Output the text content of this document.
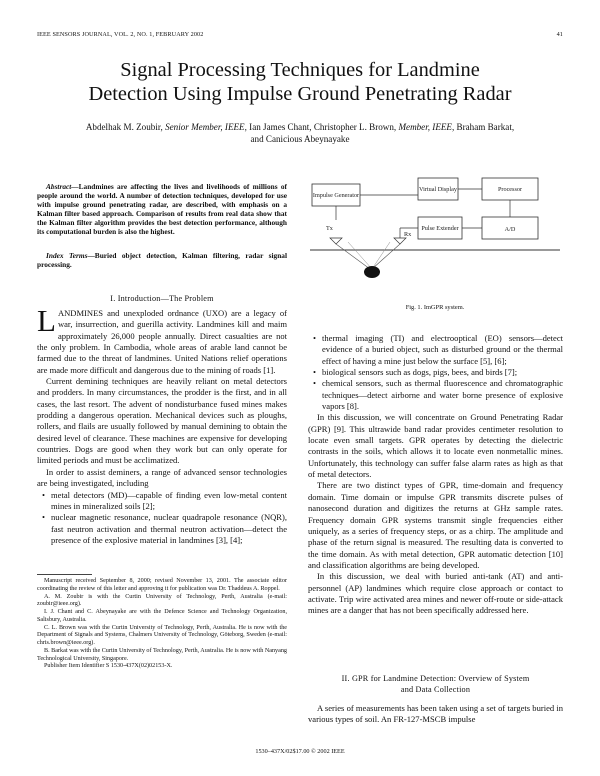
IEEE SENSORS JOURNAL, VOL. 2, NO. 1, FEBRUARY 2002	41
Signal Processing Techniques for Landmine
Detection Using Impulse Ground Penetrating Radar
Abdelhak M. Zoubir, Senior Member, IEEE, Ian James Chant, Christopher L. Brown, Member, IEEE, Braham Barkat,
and Canicious Abeynayake
Abstract—Landmines are affecting the lives and livelihoods of millions of people around the world. A number of detection techniques, developed for use with impulse ground penetrating radar, are described, with emphasis on a Kalman filter based approach. Comparison of results from real data show that the Kalman filter algorithm provides the best detection performance, although its computational burden is also the highest.
Index Terms—Buried object detection, Kalman filtering, radar signal processing.
I. Introduction—The Problem

LANDMINES and unexploded ordnance (UXO) are a legacy of war, insurrection, and guerilla activity. Landmines kill and maim approximately 26,000 people annually. Direct casualties are not the only problem. In Cambodia, whole areas of arable land cannot be farmed due to the threat of landmines. United Nations relief operations are made more difficult and dangerous due to the mining of roads [1].

Current demining techniques are heavily reliant on metal detectors and prodders. In many circumstances, the prodder is the first, and in all cases, the last resort. The advent of nondisturbance fused mines makes prodding a dangerous operation. Mechanical devices such as ploughs, rollers, and flails are usually followed by manual demining to obtain the desired level of clearance. These machines are expensive for developing countries. Dogs are good when they work but can only operate for limited periods and must be acclimatized.

In order to assist deminers, a range of advanced sensor technologies are being investigated, including

• metal detectors (MD)—capable of finding even low-metal content mines in mineralized soils [2];
• nuclear magnetic resonance, nuclear quadrapole resonance (NQR), fast neutron activation and thermal neutron activation—detect the presence of the explosive material in landmines [3], [4];

Manuscript received September 8, 2000; revised November 13, 2001. The associate editor coordinating the review of this letter and approving it for publication was Dr. Thaddeus A. Roppel.

A. M. Zoubir is with the Curtin University of Technology, Perth, Australia (e-mail: zoubir@ieee.org).

I. J. Chant and C. Abeynayake are with the Defence Science and Technology Organization, Salisbury, Australia.

C. L. Brown was with the Curtin University of Technology, Perth, Australia. He is now with the Department of Signals and Systems, Chalmers University of Technology, Göteborg, Sweden (e-mail: chris.brown@ieee.org).

B. Barkat was with the Curtin University of Technology, Perth, Australia. He is now with Nanyang Technological University, Singapore.

Publisher Item Identifier S 1530-437X(02)02153-X.

Impulse Generator
Virtual Display	Processor
Pulse Extender	A/D
Tx
Rx
Fig. 1. ImGPR system.
• thermal imaging (TI) and electrooptical (EO) sensors—detect evidence of a buried object, such as disturbed ground or the thermal effect of having a mine just below the surface [5], [6];
• biological sensors such as dogs, pigs, bees, and birds [7];
• chemical sensors, such as thermal fluorescence and chromatographic techniques—detect airborne and water borne presence of explosive vapors [8].

In this discussion, we will concentrate on Ground Penetrating Radar (GPR) [9]. This ultrawide band radar provides centimeter resolution to locate even small targets. GPR operates by detecting the dielectric contrasts in the soils, which allows it to locate even nonmetallic mines. Unfortunately, this technology can suffer false alarm rates as high as that of metal detectors.

There are two distinct types of GPR, time-domain and frequency domain. Time domain or impulse GPR transmits discrete pulses of nanosecond duration and digitizes the returns at GHz sample rates. Frequency domain GPR systems transmit single frequencies either uniquely, as a series of frequency steps, or as a chirp. The amplitude and phase of the return signal is measured. The resulting data is converted to the time domain. As with metal detection, GPR automatic detection [10] and classification algorithms are being developed.

In this discussion, we deal with buried anti-tank (AT) and anti-personnel (AP) landmines which require close approach or contact to activate. Trip wire activated area mines and newer off-route or side-attack mines are a danger that has not been specifically addressed here.

II. GPR for Landmine Detection: Overview of System
and Data Collection

A series of measurements has been taken using a set of targets buried in various types of soil. An FR-127-MSCB impulse

1530–437X/02$17.00 © 2002 IEEE
